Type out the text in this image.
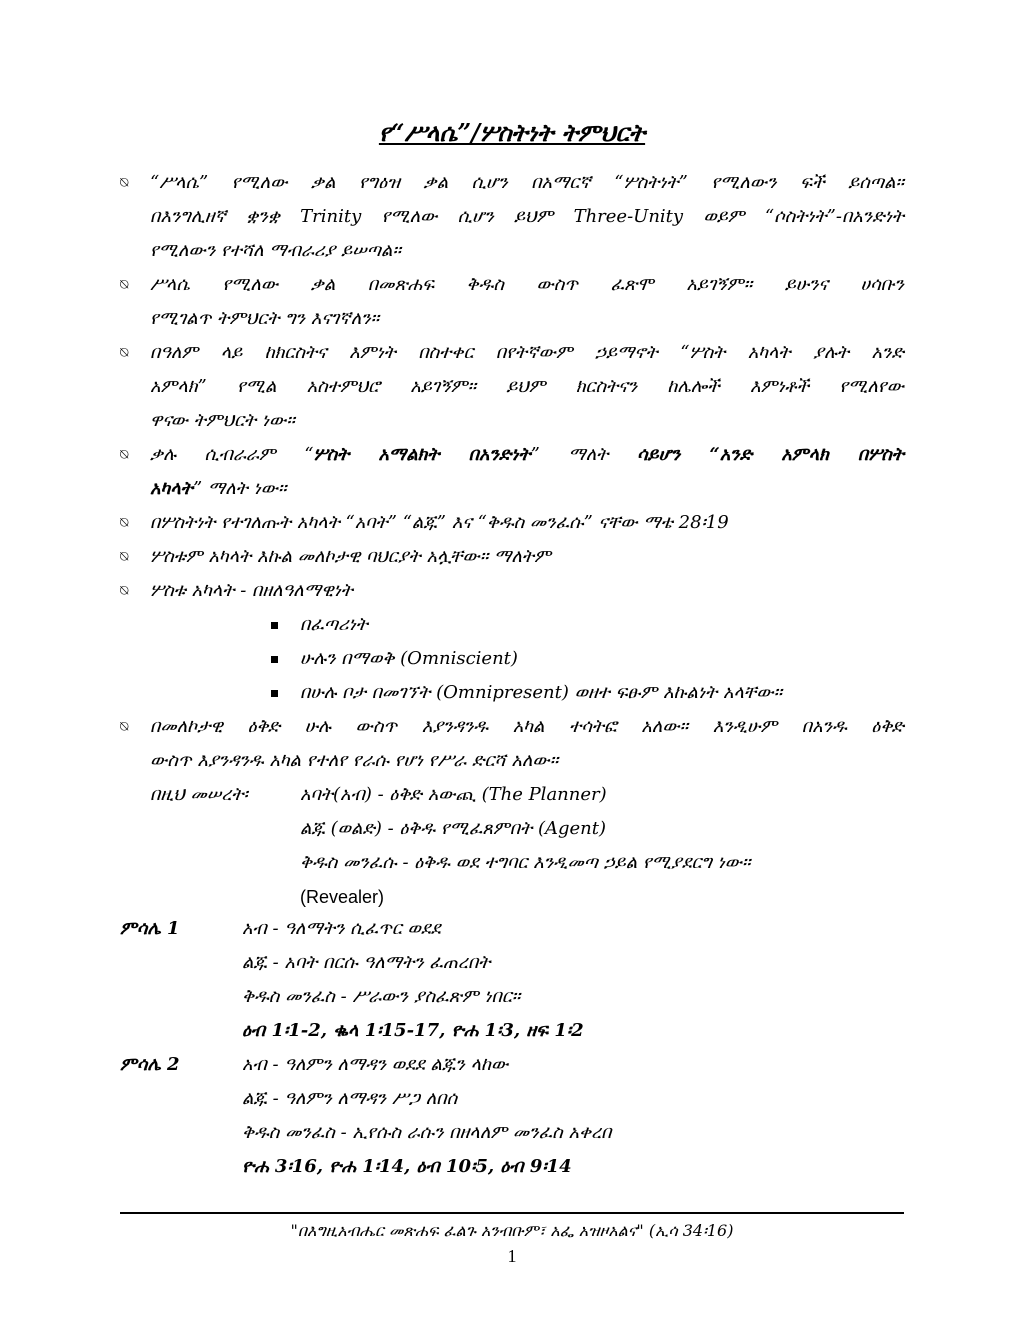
የ“ሥላሴ”/ሦስትነት ትምህርት
⍉ “ሥላሴ” የሚለው ቃል የግዕዝ ቃል ሲሆን በአማርኛ “ሦስትነት” የሚለውን ፍች ይሰጣል፡፡
በእንግሊዘኛ ቋንቋ Trinity የሚለው ሲሆን ይህም Three-Unity ወይም “ሶስትነት”-በአንድነት
የሚለውን የተሻለ ማብራሪያ ይሠጣል፡፡
⍉ ሥላሴ የሚለው ቃል በመጽሐፍ ቅዱስ ውስጥ ፈጽሞ አይገኝም፡፡ ይሁንና ሀሳቡን
የሚገልጥ ትምህርት ግን እናገኛለን፡፡
⍉ በዓለም ላይ ከክርስትና እምነት በስተቀር በየትኛውም ኃይማኖት “ሦስት አካላት ያሉት አንድ
አምላክ” የሚል አስተምህሮ አይገኝም፡፡ ይህም ክርስትናን ከሌሎች እምነቶች የሚለየው
ዋናው ትምህርት ነው፡፡
⍉ ቃሉ ሲብራራም “ሦስት አማልክት በአንድነት” ማለት ሳይሆን “አንድ አምላክ በሦስት
አካላት” ማለት ነው፡፡
⍉ በሦስትነት የተገለጡት አካላት “አባት” “ልጁ” እና “ቅዱስ መንፈሱ” ናቸው ማቴ 28፡19
⍉ ሦስቱም አካላት እኩል መለኮታዊ ባህርያት አሏቸው፡፡ ማለትም
⍉ ሦስቱ አካላት - በዘለዓለማዊነት
በፈጣሪነት
ሁሉን በማወቅ (Omniscient)
በሁሉ ቦታ በመገኘት (Omnipresent) ወዘተ ፍፁም እኩልነት አላቸው፡፡
⍉ በመለኮታዊ ዕቅድ ሁሉ ውስጥ እያንዳንዱ አካል ተሳትፎ አለው፡፡ እንዲሁም በአንዱ ዕቅድ
ውስጥ እያንዳንዱ አካል የተለየ የራሱ የሆነ የሥራ ድርሻ አለው፡፡
በዚህ መሠረት፡	አባት(አብ) - ዕቅድ አውጪ (The Planner)
ልጁ (ወልድ) - ዕቅዱ የሚፈጸምበት (Agent)
ቅዱስ መንፈሱ - ዕቅዱ ወደ ተግባር እንዲመጣ ኃይል የሚያደርግ ነው፡፡
(Revealer)
ምሳሌ 1	አብ - ዓለማትን ሲፈጥር ወደደ
ልጁ - አባት በርሱ ዓለማትን ፈጠረበት
ቅዱስ መንፈስ - ሥራውን ያስፈጽም ነበር፡፡
ዕብ 1፡1-2, ቈላ 1፡15-17, ዮሐ 1፡3, ዘፍ 1፡2
ምሳሌ 2	አብ - ዓለምን ለማዳን ወደደ ልጁን ላከው
ልጁ - ዓለምን ለማዳን ሥጋ ለበሰ
ቅዱስ መንፈስ - ኢየሱስ ራሱን በዘላለም መንፈስ አቀረበ
ዮሐ 3፡16, ዮሐ 1፡14, ዕብ 10፡5, ዕብ 9፡14
"በእግዚአብሔር መጽሐፍ ፈልጉ አንብቡም፣ አፌ አዝዞአልና" (ኢሳ 34፡16)
1
